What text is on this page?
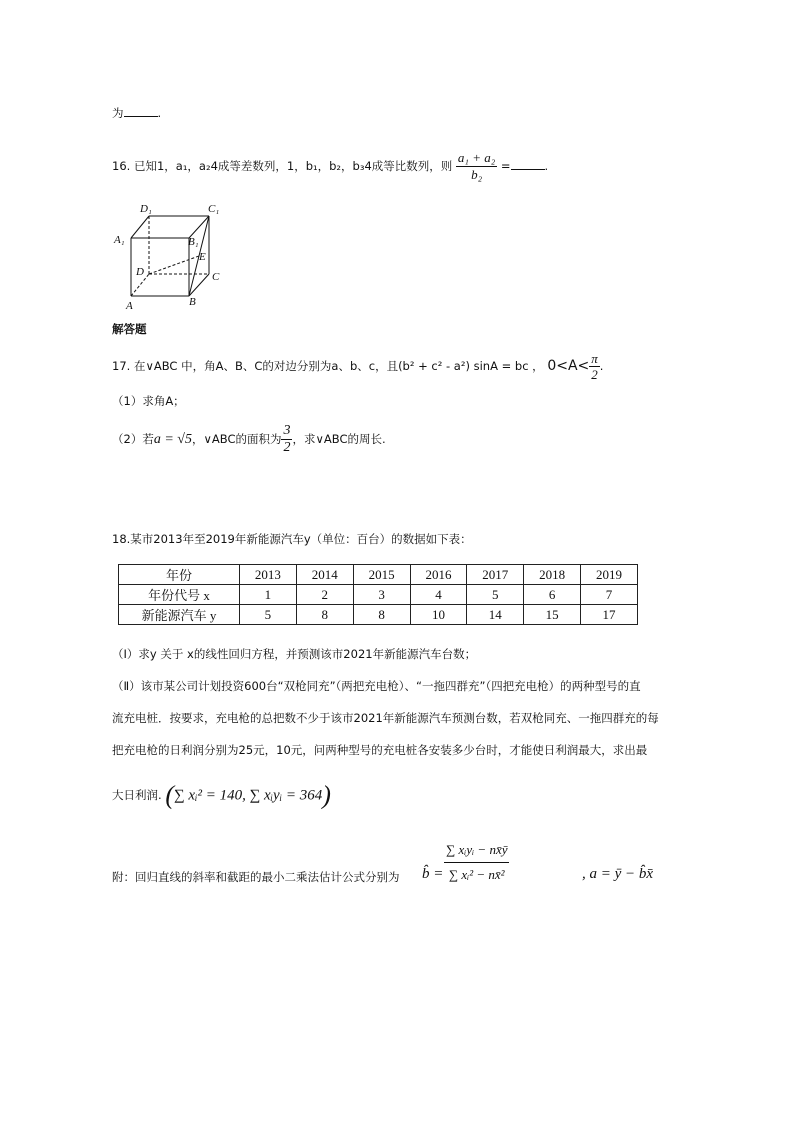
为	.
16. 已知1，a₁，a₂4成等差数列，1，b₁，b₂，b₃4成等比数列，则 $\frac{\text{a₁ + a₂}}{\text{b₂}}$ =	.
D₁	C₁
A₁	B₁
E
D	C
A	B
解答题
17. 在∨ABC 中，角A、B、C的对边分别为a、b、c，且(b² + c² - a²) sinA = bc ， $0<A< \frac{\pi}{2}$ .
（1）求角A；
（2）若a = √5，∨ABC的面积为 $\frac{3}{2}$ ，求∨ABC的周长.
18.某市2013年至2019年新能源汽车y（单位：百台）的数据如下表：
年份	2013	2014	2015	2016	2017	2018	2019
年份代号 x	1	2	3	4	5	6	7
新能源汽车 y	5	8	8	10	14	15	17
（Ⅰ）求y 关于 x的线性回归方程，并预测该市2021年新能源汽车台数；
（Ⅱ）该市某公司计划投资600台“双枪同充”（两把充电枪）、“一拖四群充”（四把充电枪）的两种型号的直
流充电桩．按要求，充电枪的总把数不少于该市2021年新能源汽车预测台数，若双枪同充、一拖四群充的每
把充电枪的日利润分别为25元，10元，问两种型号的充电桩各安装多少台时，才能使日利润最大，求出最
大日利润. (∑ xᵢ² = 140, ∑ xᵢyᵢ = 364)
附：回归直线的斜率和截距的最小二乘法估计公式分别为 b̂ =
∑ xᵢyᵢ − nx̄ȳ
∑ xᵢ² − nx̄²	, a = ȳ − b̂x̄
